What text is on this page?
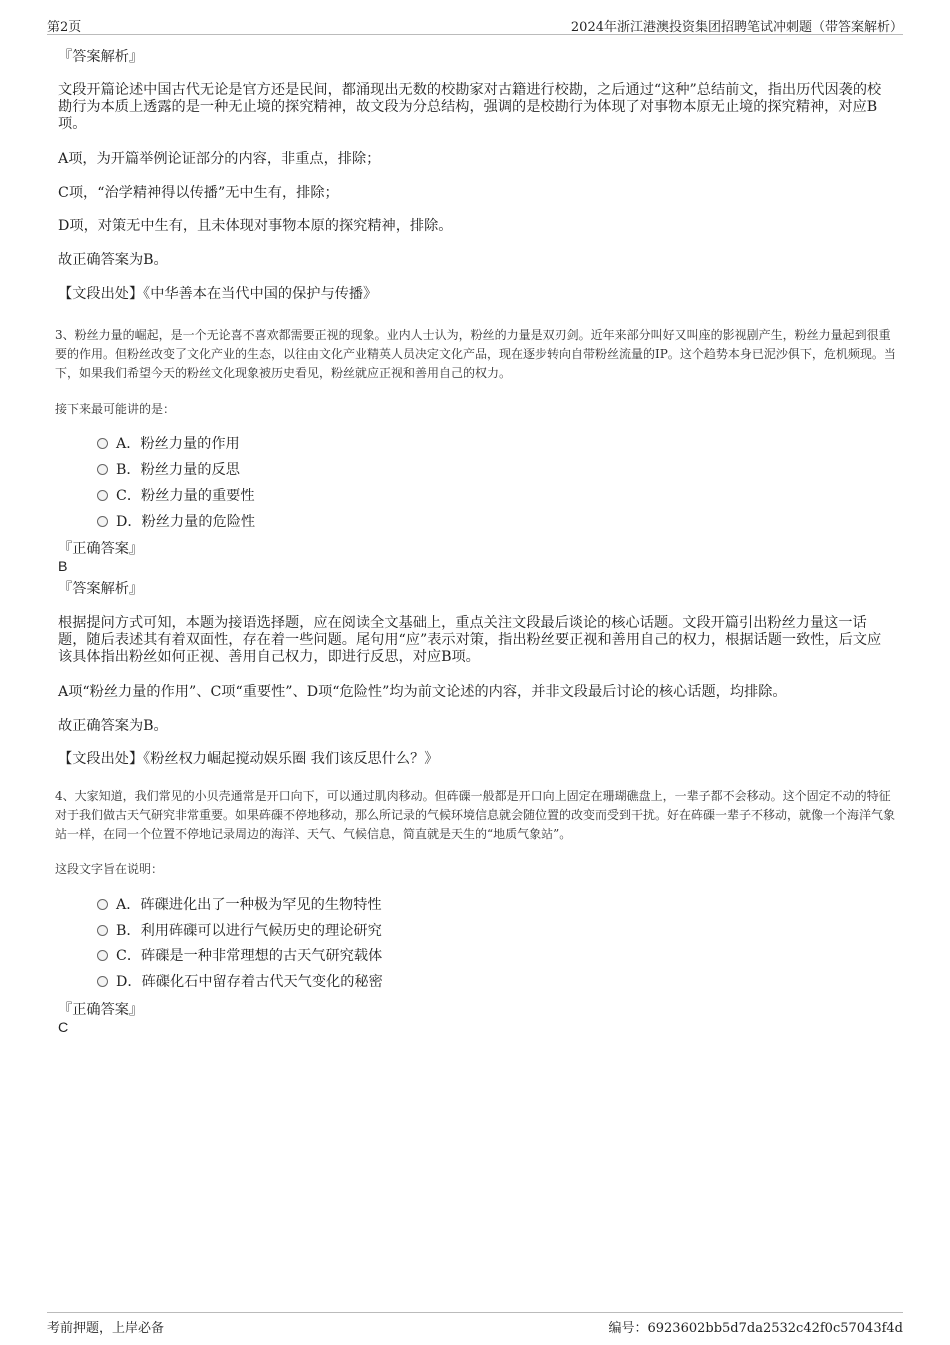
第2页	2024年浙江港澳投资集团招聘笔试冲刺题（带答案解析）
『答案解析』
文段开篇论述中国古代无论是官方还是民间，都涌现出无数的校勘家对古籍进行校勘，之后通过“这种”总结前文，指出历代因袭的校勘行为本质上透露的是一种无止境的探究精神，故文段为分总结构，强调的是校勘行为体现了对事物本原无止境的探究精神，对应B项。
A项，为开篇举例论证部分的内容，非重点，排除；
C项，“治学精神得以传播”无中生有，排除；
D项，对策无中生有，且未体现对事物本原的探究精神，排除。
故正确答案为B。
【文段出处】《中华善本在当代中国的保护与传播》
3、粉丝力量的崛起，是一个无论喜不喜欢都需要正视的现象。业内人士认为，粉丝的力量是双刃剑。近年来部分叫好又叫座的影视剧产生，粉丝力量起到很重要的作用。但粉丝改变了文化产业的生态，以往由文化产业精英人员决定文化产品，现在逐步转向自带粉丝流量的IP。这个趋势本身已泥沙俱下，危机频现。当下，如果我们希望今天的粉丝文化现象被历史看见，粉丝就应正视和善用自己的权力。
接下来最可能讲的是：
A．粉丝力量的作用
B．粉丝力量的反思
C．粉丝力量的重要性
D．粉丝力量的危险性
『正确答案』
B
『答案解析』
根据提问方式可知，本题为接语选择题，应在阅读全文基础上，重点关注文段最后谈论的核心话题。文段开篇引出粉丝力量这一话题，随后表述其有着双面性，存在着一些问题。尾句用“应”表示对策，指出粉丝要正视和善用自己的权力，根据话题一致性，后文应该具体指出粉丝如何正视、善用自己权力，即进行反思，对应B项。
A项“粉丝力量的作用”、C项“重要性”、D项“危险性”均为前文论述的内容，并非文段最后讨论的核心话题，均排除。
故正确答案为B。
【文段出处】《粉丝权力崛起搅动娱乐圈 我们该反思什么？》
4、大家知道，我们常见的小贝壳通常是开口向下，可以通过肌肉移动。但砗磲一般都是开口向上固定在珊瑚礁盘上，一辈子都不会移动。这个固定不动的特征对于我们做古天气研究非常重要。如果砗磲不停地移动，那么所记录的气候环境信息就会随位置的改变而受到干扰。好在砗磲一辈子不移动，就像一个海洋气象站一样，在同一个位置不停地记录周边的海洋、天气、气候信息，简直就是天生的“地质气象站”。
这段文字旨在说明：
A．砗磲进化出了一种极为罕见的生物特性
B．利用砗磲可以进行气候历史的理论研究
C．砗磲是一种非常理想的古天气研究载体
D．砗磲化石中留存着古代天气变化的秘密
『正确答案』
C
考前押题，上岸必备	编号：6923602bb5d7da2532c42f0c57043f4d
